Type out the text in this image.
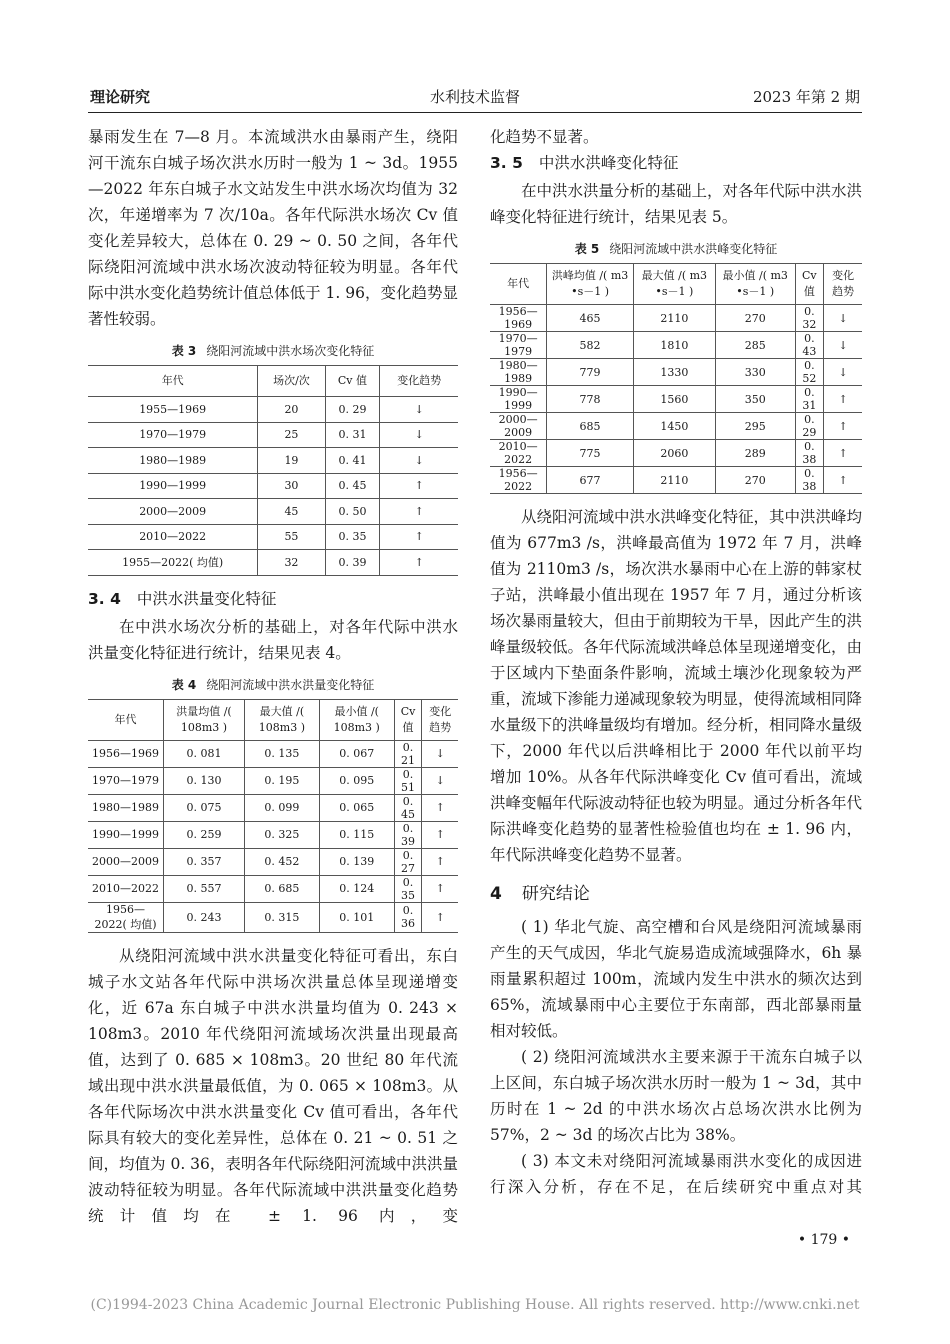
理论研究	水利技术监督	2023 年第 2 期

暴雨发生在 7—8 月。本流域洪水由暴雨产生，绕阳河干流东白城子场次洪水历时一般为 1 ~ 3d。1955—2022 年东白城子水文站发生中洪水场次均值为 32 次，年递增率为 7 次/10a。各年代际洪水场次 Cv 值变化差异较大，总体在 0. 29 ~ 0. 50 之间，各年代际绕阳河流域中洪水场次波动特征较为明显。各年代际中洪水变化趋势统计值总体低于 1. 96，变化趋势显著性较弱。

表 3 绕阳河流域中洪水场次变化特征
年代	场次/次	Cv 值	变化趋势
1955—1969	20	0. 29	↓
1970—1979	25	0. 31	↓
1980—1989	19	0. 41	↓
1990—1999	30	0. 45	↑
2000—2009	45	0. 50	↑
2010—2022	55	0. 35	↑
1955—2022( 均值)	32	0. 39	↑
3. 4 中洪水洪量变化特征

在中洪水场次分析的基础上，对各年代际中洪水洪量变化特征进行统计，结果见表 4。

表 4 绕阳河流域中洪水洪量变化特征
年代	洪量均值 /( 108m3 )	最大值 /( 108m3 )	最小值 /( 108m3 )	Cv 值	变化 趋势
1956—1969	0. 081	0. 135	0. 067	0. 21	↓
1970—1979	0. 130	0. 195	0. 095	0. 51	↓
1980—1989	0. 075	0. 099	0. 065	0. 45	↑
1990—1999	0. 259	0. 325	0. 115	0. 39	↑
2000—2009	0. 357	0. 452	0. 139	0. 27	↑
2010—2022	0. 557	0. 685	0. 124	0. 35	↑
1956—2022( 均值)	0. 243	0. 315	0. 101	0. 36	↑

从绕阳河流域中洪水洪量变化特征可看出，东白城子水文站各年代际中洪场次洪量总体呈现递增变化，近 67a 东白城子中洪水洪量均值为 0. 243 × 108m3。2010 年代绕阳河流域场次洪量出现最高值，达到了 0. 685 × 108m3。20 世纪 80 年代流域出现中洪水洪量最低值，为 0. 065 × 108m3。从各年代际场次中洪水洪量变化 Cv 值可看出，各年代际具有较大的变化差异性，总体在 0. 21 ~ 0. 51 之间，均值为 0. 36，表明各年代际绕阳河流域中洪洪量波动特征较为明显。各年代际流域中洪洪量变化趋势统计值均在 ± 1. 96 内，变

化趋势不显著。

3. 5 中洪水洪峰变化特征

在中洪水洪量分析的基础上，对各年代际中洪水洪峰变化特征进行统计，结果见表 5。

表 5 绕阳河流域中洪水洪峰变化特征
年代	洪峰均值 /( m3 •s－1 )	最大值 /( m3 •s－1 )	最小值 /( m3 •s－1 )	Cv 值	变化 趋势
1956—1969	465	2110	270	0. 32	↓
1970—1979	582	1810	285	0. 43	↓
1980—1989	779	1330	330	0. 52	↓
1990—1999	778	1560	350	0. 31	↑
2000—2009	685	1450	295	0. 29	↑
2010—2022	775	2060	289	0. 38	↑
1956—2022	677	2110	270	0. 38	↑

从绕阳河流域中洪水洪峰变化特征，其中洪洪峰均值为 677m3 /s，洪峰最高值为 1972 年 7 月，洪峰值为 2110m3 /s，场次洪水暴雨中心在上游的韩家杖子站，洪峰最小值出现在 1957 年 7 月，通过分析该场次暴雨量较大，但由于前期较为干旱，因此产生的洪峰量级较低。各年代际流域洪峰总体呈现递增变化，由于区域内下垫面条件影响，流域土壤沙化现象较为严重，流域下渗能力递减现象较为明显，使得流域相同降水量级下的洪峰量级均有增加。经分析，相同降水量级下，2000 年代以后洪峰相比于 2000 年代以前平均增加 10%。从各年代际洪峰变化 Cv 值可看出，流域洪峰变幅年代际波动特征也较为明显。通过分析各年代际洪峰变化趋势的显著性检验值也均在 ± 1. 96 内，年代际洪峰变化趋势不显著。

4 研究结论

( 1) 华北气旋、高空槽和台风是绕阳河流域暴雨产生的天气成因，华北气旋易造成流域强降水，6h 暴雨量累积超过 100m，流域内发生中洪水的频次达到 65%，流域暴雨中心主要位于东南部，西北部暴雨量相对较低。

( 2) 绕阳河流域洪水主要来源于干流东白城子以上区间，东白城子场次洪水历时一般为 1 ~ 3d，其中历时在 1 ~ 2d 的中洪水场次占总场次洪水比例为 57%，2 ~ 3d 的场次占比为 38%。

( 3) 本文未对绕阳河流域暴雨洪水变化的成因进行深入分析，存在不足，在后续研究中重点对其

• 179 •
(C)1994-2023 China Academic Journal Electronic Publishing House. All rights reserved. http://www.cnki.net
